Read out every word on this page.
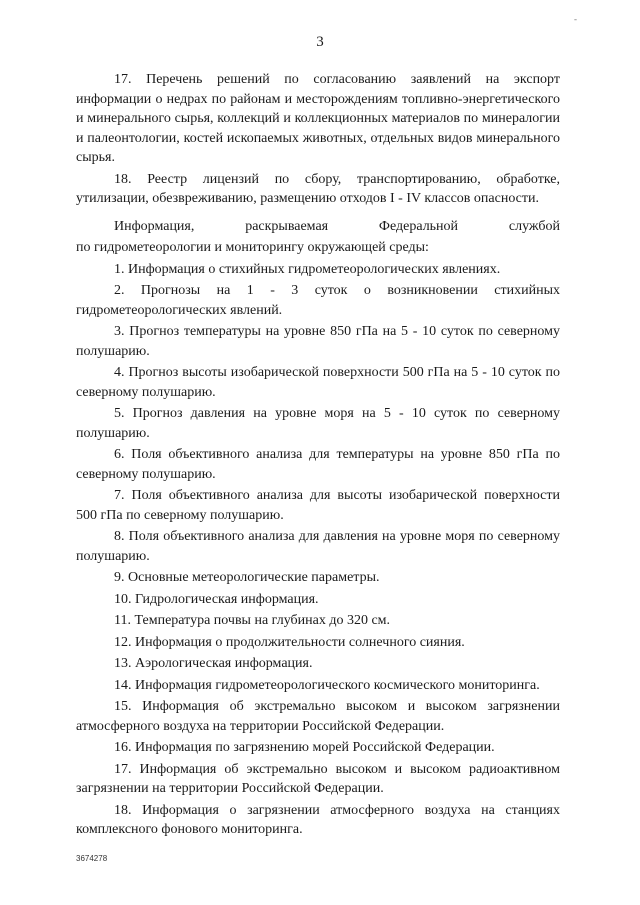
-
3

17. Перечень решений по согласованию заявлений на экспорт информации о недрах по районам и месторождениям топливно-энергетического и минерального сырья, коллекций и коллекционных материалов по минералогии и палеонтологии, костей ископаемых животных, отдельных видов минерального сырья.

18. Реестр лицензий по сбору, транспортированию, обработке, утилизации, обезвреживанию, размещению отходов I - IV классов опасности.

Информация, раскрываемая Федеральной службой

по гидрометеорологии и мониторингу окружающей среды:

1. Информация о стихийных гидрометеорологических явлениях.

2. Прогнозы на 1 - 3 суток о возникновении стихийных гидрометеорологических явлений.

3. Прогноз температуры на уровне 850 гПа на 5 - 10 суток по северному полушарию.

4. Прогноз высоты изобарической поверхности 500 гПа на 5 - 10 суток по северному полушарию.

5. Прогноз давления на уровне моря на 5 - 10 суток по северному полушарию.

6. Поля объективного анализа для температуры на уровне 850 гПа по северному полушарию.

7. Поля объективного анализа для высоты изобарической поверхности 500 гПа по северному полушарию.

8. Поля объективного анализа для давления на уровне моря по северному полушарию.

9. Основные метеорологические параметры.

10. Гидрологическая информация.

11. Температура почвы на глубинах до 320 см.

12. Информация о продолжительности солнечного сияния.

13. Аэрологическая информация.

14. Информация гидрометеорологического космического мониторинга.

15. Информация об экстремально высоком и высоком загрязнении атмосферного воздуха на территории Российской Федерации.

16. Информация по загрязнению морей Российской Федерации.

17. Информация об экстремально высоком и высоком радиоактивном загрязнении на территории Российской Федерации.

18. Информация о загрязнении атмосферного воздуха на станциях комплексного фонового мониторинга.

3674278
